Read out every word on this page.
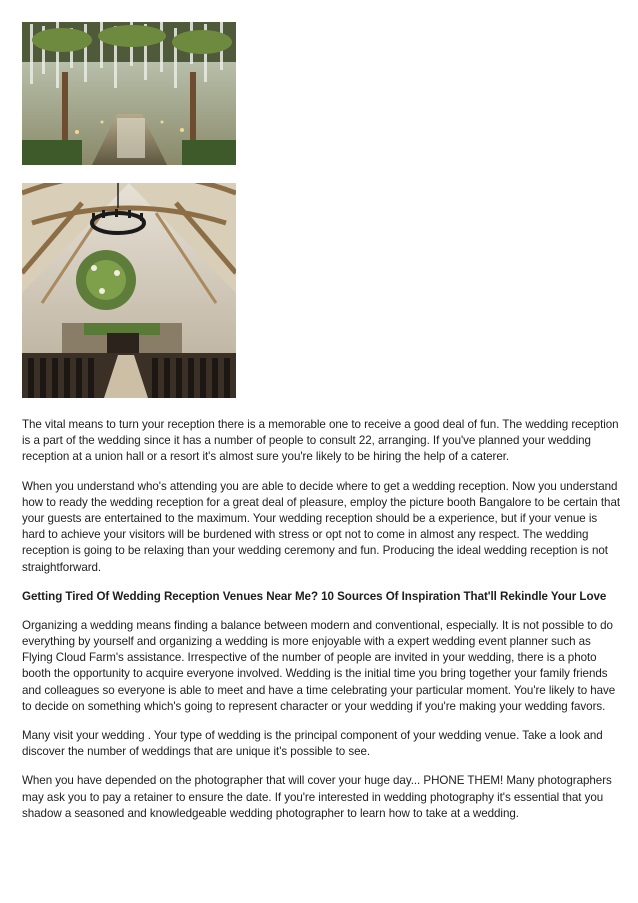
The vital means to turn your reception there is a memorable one to receive a good deal of fun. The wedding reception is a part of the wedding since it has a number of people to consult 22, arranging. If you've planned your wedding reception at a union hall or a resort it's almost sure you're likely to be hiring the help of a caterer.

When you understand who's attending you are able to decide where to get a wedding reception. Now you understand how to ready the wedding reception for a great deal of pleasure, employ the picture booth Bangalore to be certain that your guests are entertained to the maximum. Your wedding reception should be a experience, but if your venue is hard to achieve your visitors will be burdened with stress or opt not to come in almost any respect. The wedding reception is going to be relaxing than your wedding ceremony and fun. Producing the ideal wedding reception is not straightforward.

Getting Tired Of Wedding Reception Venues Near Me? 10 Sources Of Inspiration That'll Rekindle Your Love

Organizing a wedding means finding a balance between modern and conventional, especially. It is not possible to do everything by yourself and organizing a wedding is more enjoyable with a expert wedding event planner such as Flying Cloud Farm's assistance. Irrespective of the number of people are invited in your wedding, there is a photo booth the opportunity to acquire everyone involved. Wedding is the initial time you bring together your family friends and colleagues so everyone is able to meet and have a time celebrating your particular moment. You're likely to have to decide on something which's going to represent character or your wedding if you're making your wedding favors.

Many visit your wedding . Your type of wedding is the principal component of your wedding venue. Take a look and discover the number of weddings that are unique it's possible to see.

When you have depended on the photographer that will cover your huge day... PHONE THEM! Many photographers may ask you to pay a retainer to ensure the date. If you're interested in wedding photography it's essential that you shadow a seasoned and knowledgeable wedding photographer to learn how to take at a wedding.
